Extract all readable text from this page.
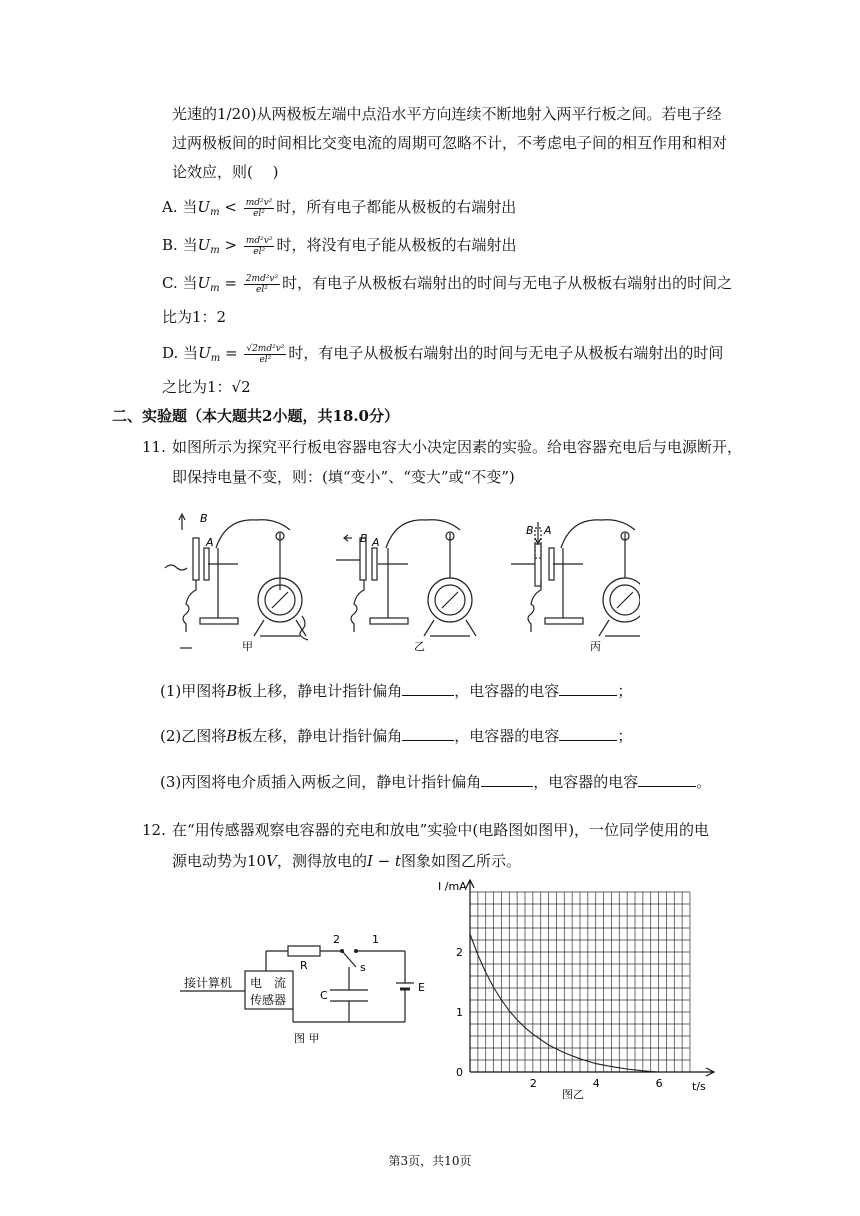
光速的1/20)从两极板左端中点沿水平方向连续不断地射入两平行板之间。若电子经
过两极板间的时间相比交变电流的周期可忽略不计，不考虑电子间的相互作用和相对
论效应，则(　 )
A. 当$U_m < \frac{\text{md²v²}}{\text{el²}}$ 时，所有电子都能从极板的右端射出
B. 当$U_m > \frac{\text{md²v²}}{\text{el²}}$ 时，将没有电子能从极板的右端射出
C. 当$U_m = \frac{\text{2md²v²}}{\text{el²}}$ 时，有电子从极板右端射出的时间与无电子从极板右端射出的时间之
比为1：2
D. 当$U_m = \frac{\text{√2md²v²}}{\text{el²}}$ 时，有电子从极板右端射出的时间与无电子从极板右端射出的时间
之比为1：√2
二、实验题（本大题共2小题，共18.0分）
11. 如图所示为探究平行板电容器电容大小决定因素的实验。给电容器充电后与电源断开，
即保持电量不变，则：(填“变小”、“变大”或“不变”)
B
A	B A
B A
甲	乙	丙
(1)甲图将B板上移，静电计指针偏角	，电容器的电容	；
(2)乙图将B板左移，静电计指针偏角	，电容器的电容	；
(3)丙图将电介质插入两板之间，静电计指针偏角	，电容器的电容	。
12. 在“用传感器观察电容器的充电和放电”实验中(电路图如图甲)，一位同学使用的电
源电动势为10V，测得放电的I − t图象如图乙所示。
接计算机 电　流
传感器
R
2	1
s
C
E
图 甲
0
1
2
2	4	6
I /mA
t/s
图乙
第3页，共10页
